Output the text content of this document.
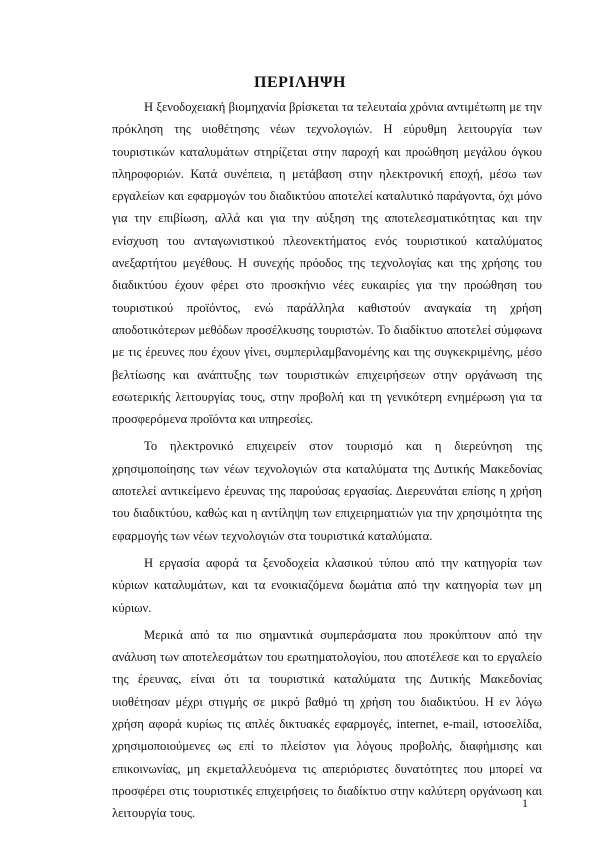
ΠΕΡΙΛΗΨΗ

Η ξενοδοχειακή βιομηχανία βρίσκεται τα τελευταία χρόνια αντιμέτωπη με την πρόκληση της υιοθέτησης νέων τεχνολογιών. Η εύρυθμη λειτουργία των τουριστικών καταλυμάτων στηρίζεται στην παροχή και προώθηση μεγάλου όγκου πληροφοριών. Κατά συνέπεια, η μετάβαση στην ηλεκτρονική εποχή, μέσω των εργαλείων και εφαρμογών του διαδικτύου αποτελεί καταλυτικό παράγοντα, όχι μόνο για την επιβίωση, αλλά και για την αύξηση της αποτελεσματικότητας και την ενίσχυση του ανταγωνιστικού πλεονεκτήματος ενός τουριστικού καταλύματος ανεξαρτήτου μεγέθους. Η συνεχής πρόοδος της τεχνολογίας και της χρήσης του διαδικτύου έχουν φέρει στο προσκήνιο νέες ευκαιρίες για την προώθηση του τουριστικού προϊόντος, ενώ παράλληλα καθιστούν αναγκαία τη χρήση αποδοτικότερων μεθόδων προσέλκυσης τουριστών. Το διαδίκτυο αποτελεί σύμφωνα με τις έρευνες που έχουν γίνει, συμπεριλαμβανομένης και της συγκεκριμένης, μέσο βελτίωσης και ανάπτυξης των τουριστικών επιχειρήσεων στην οργάνωση της εσωτερικής λειτουργίας τους, στην προβολή και τη γενικότερη ενημέρωση για τα προσφερόμενα προϊόντα και υπηρεσίες.

Το ηλεκτρονικό επιχειρείν στον τουρισμό και η διερεύνηση της χρησιμοποίησης των νέων τεχνολογιών στα καταλύματα της Δυτικής Μακεδονίας αποτελεί αντικείμενο έρευνας της παρούσας εργασίας. Διερευνάται επίσης η χρήση του διαδικτύου, καθώς και η αντίληψη των επιχειρηματιών για την χρησιμότητα της εφαρμογής των νέων τεχνολογιών στα τουριστικά καταλύματα.

Η εργασία αφορά τα ξενοδοχεία κλασικού τύπου από την κατηγορία των κύριων καταλυμάτων, και τα ενοικιαζόμενα δωμάτια από την κατηγορία των μη κύριων.

Μερικά από τα πιο σημαντικά συμπεράσματα που προκύπτουν από την ανάλυση των αποτελεσμάτων του ερωτηματολογίου, που αποτέλεσε και το εργαλείο της έρευνας, είναι ότι τα τουριστικά καταλύματα της Δυτικής Μακεδονίας υιοθέτησαν μέχρι στιγμής σε μικρό βαθμό τη χρήση του διαδικτύου. Η εν λόγω χρήση αφορά κυρίως τις απλές δικτυακές εφαρμογές, internet, e-mail, ιστοσελίδα, χρησιμοποιούμενες ως επί το πλείστον για λόγους προβολής, διαφήμισης και επικοινωνίας, μη εκμεταλλευόμενα τις απεριόριστες δυνατότητες που μπορεί να προσφέρει στις τουριστικές επιχειρήσεις το διαδίκτυο στην καλύτερη οργάνωση και λειτουργία τους.

1
